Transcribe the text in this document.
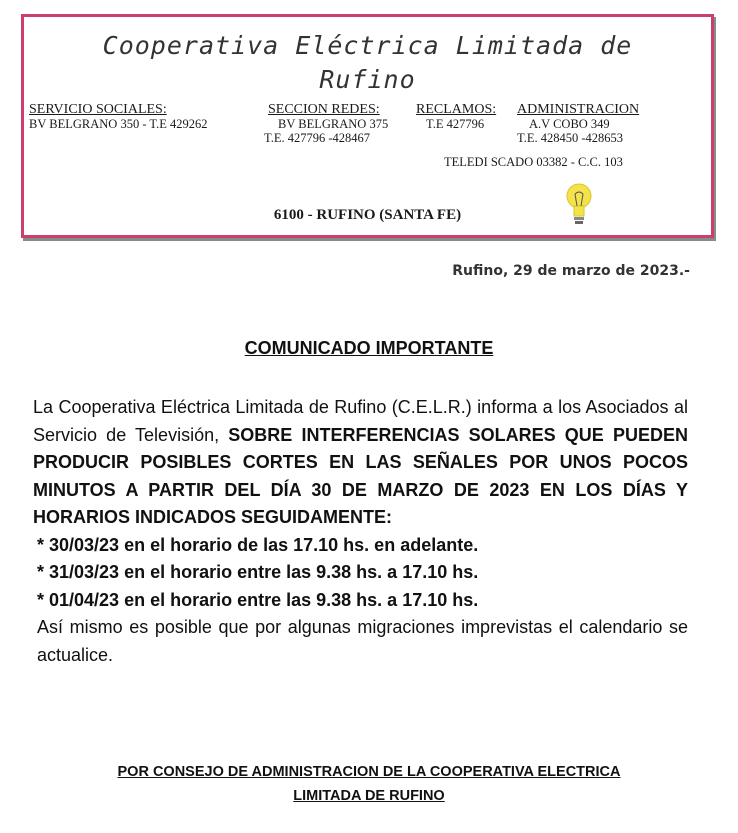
Cooperativa Eléctrica Limitada de
Rufino
SERVICIO SOCIALES:
BV BELGRANO 350 - T.E 429262
SECCION REDES:
BV BELGRANO 375
T.E. 427796 -428467
RECLAMOS:
T.E 427796
ADMINISTRACION
A.V COBO 349
T.E. 428450 -428653
TELEDI SCADO 03382 - C.C. 103
6100 - RUFINO (SANTA FE)
Rufino, 29 de marzo de 2023.-
COMUNICADO IMPORTANTE

La Cooperativa Eléctrica Limitada de Rufino (C.E.L.R.) informa a los Asociados al Servicio de Televisión, SOBRE INTERFERENCIAS SOLARES QUE PUEDEN PRODUCIR POSIBLES CORTES EN LAS SEÑALES POR UNOS POCOS MINUTOS A PARTIR DEL DÍA 30 DE MARZO DE 2023 EN LOS DÍAS Y HORARIOS INDICADOS SEGUIDAMENTE:

* 30/03/23 en el horario de las 17.10 hs. en adelante.
* 31/03/23 en el horario entre las 9.38 hs. a 17.10 hs.
* 01/04/23 en el horario entre las 9.38 hs. a 17.10 hs.

Así mismo es posible que por algunas migraciones imprevistas el calendario se actualice.

POR CONSEJO DE ADMINISTRACION DE LA COOPERATIVA ELECTRICA
LIMITADA DE RUFINO
